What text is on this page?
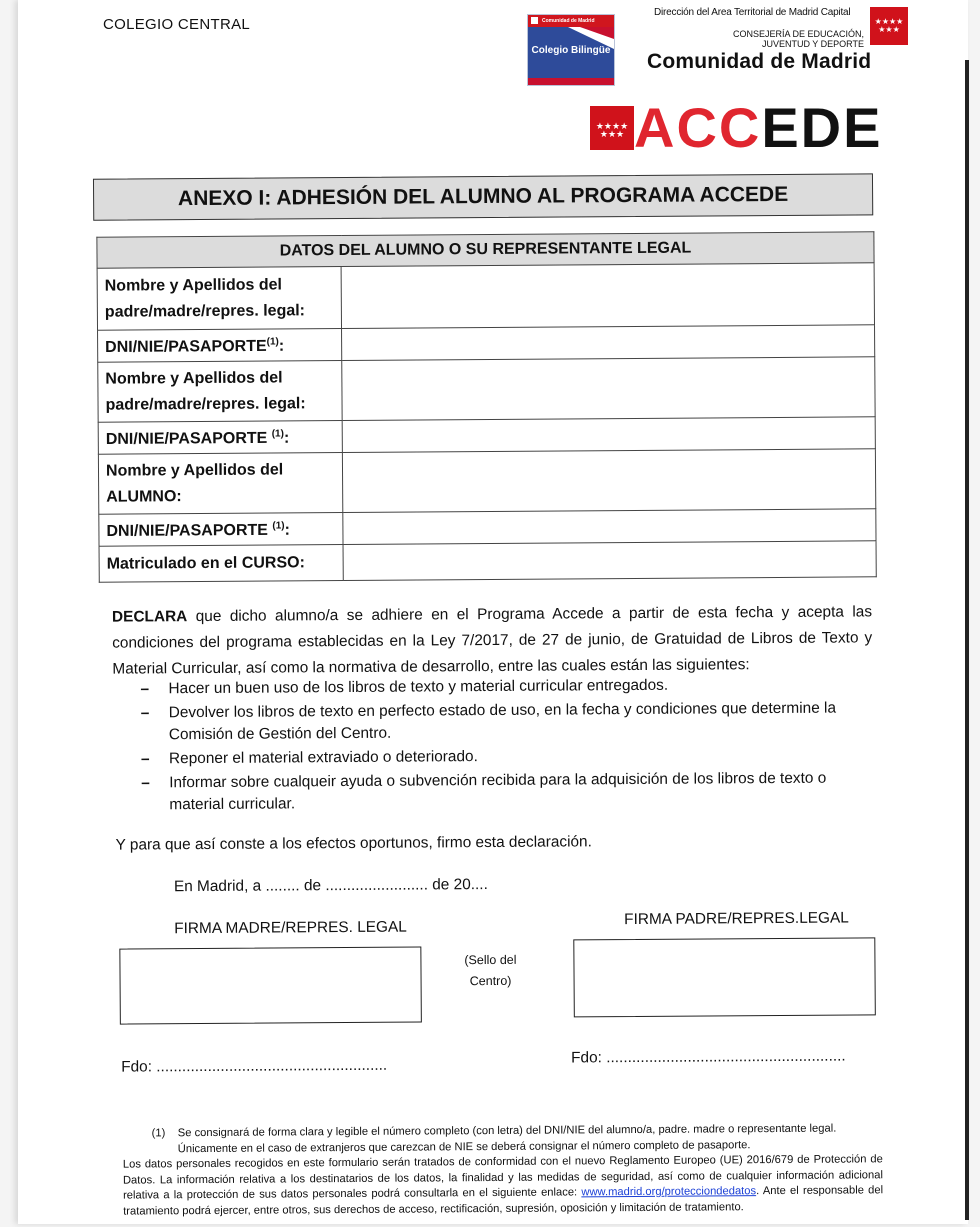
COLEGIO CENTRAL	Comunidad de Madrid
Colegio Bilingüe
Dirección del Area Territorial de Madrid Capital
★★★★ ★★★
CONSEJERÍA DE EDUCACIÓN, JUVENTUD Y DEPORTE
Comunidad de Madrid
★★★★ ★★★ ACCEDE
ANEXO I: ADHESIÓN DEL ALUMNO AL PROGRAMA ACCEDE
DATOS DEL ALUMNO O SU REPRESENTANTE LEGAL	
Nombre y Apellidos del padre/madre/repres. legal:	
DNI/NIE/PASAPORTE$^{(1)}$:	
Nombre y Apellidos del padre/madre/repres. legal:	
DNI/NIE/PASAPORTE $^{(1)}$:	
Nombre y Apellidos del ALUMNO:	
DNI/NIE/PASAPORTE $^{(1)}$:	
Matriculado en el CURSO:	
DECLARA que dicho alumno/a se adhiere en el Programa Accede a partir de esta fecha y acepta las condiciones del programa establecidas en la Ley 7/2017, de 27 de junio, de Gratuidad de Libros de Texto y Material Curricular, así como la normativa de desarrollo, entre las cuales están las siguientes:
– Hacer un buen uso de los libros de texto y material curricular entregados.
– Devolver los libros de texto en perfecto estado de uso, en la fecha y condiciones que determine la Comisión de Gestión del Centro.
– Reponer el material extraviado o deteriorado.
– Informar sobre cualqueir ayuda o subvención recibida para la adquisición de los libros de texto o material curricular.
Y para que así conste a los efectos oportunos, firmo esta declaración.
En Madrid, a ........ de ........................ de 20....
FIRMA MADRE/REPRES. LEGAL	FIRMA PADRE/REPRES.LEGAL
(Sello del Centro)
Fdo: ......................................................	Fdo: ........................................................
(1) Se consignará de forma clara y legible el número completo (con letra) del DNI/NIE del alumno/a, padre. madre o representante legal.
Únicamente en el caso de extranjeros que carezcan de NIE se deberá consignar el número completo de pasaporte.
Los datos personales recogidos en este formulario serán tratados de conformidad con el nuevo Reglamento Europeo (UE) 2016/679 de Protección de Datos. La información relativa a los destinatarios de los datos, la finalidad y las medidas de seguridad, así como de cualquier información adicional relativa a la protección de sus datos personales podrá consultarla en el siguiente enlace: www.madrid.org/protecciondedatos. Ante el responsable del tratamiento podrá ejercer, entre otros, sus derechos de acceso, rectificación, supresión, oposición y limitación de tratamiento.
